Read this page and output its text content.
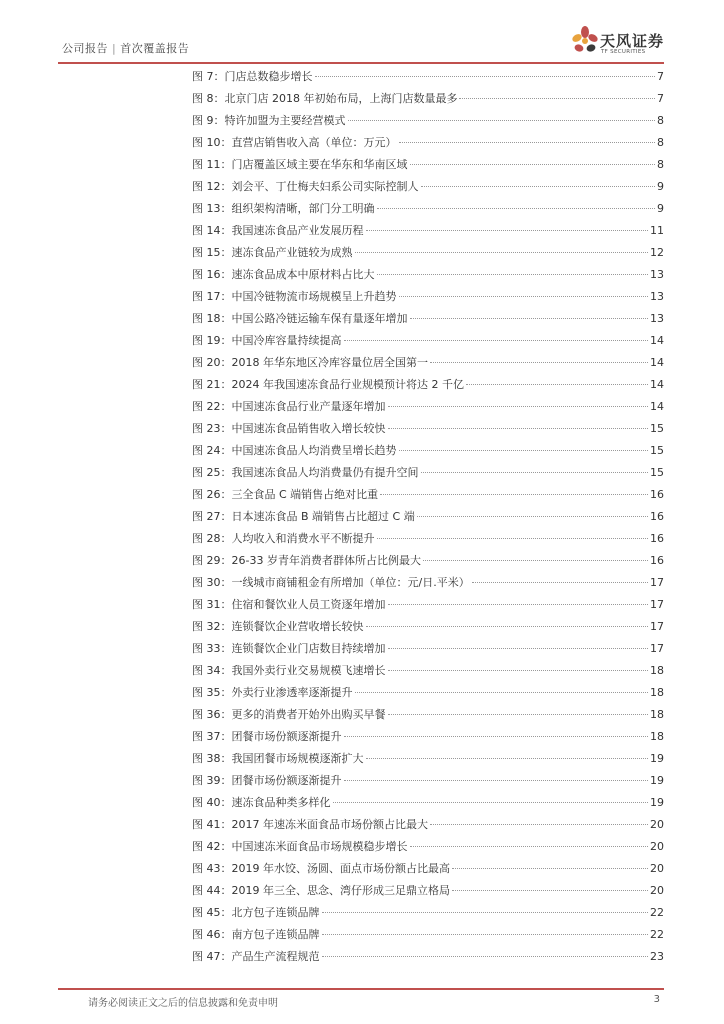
公司报告 | 首次覆盖报告	天风证券
TF SECURITIES
图 7：门店总数稳步增长	7
图 8：北京门店 2018 年初始布局，上海门店数量最多	7
图 9：特许加盟为主要经营模式	8
图 10：直营店销售收入高（单位：万元）	8
图 11：门店覆盖区域主要在华东和华南区域	8
图 12：刘会平、丁仕梅夫妇系公司实际控制人	9
图 13：组织架构清晰，部门分工明确	9
图 14：我国速冻食品产业发展历程	11
图 15：速冻食品产业链较为成熟	12
图 16：速冻食品成本中原材料占比大	13
图 17：中国冷链物流市场规模呈上升趋势	13
图 18：中国公路冷链运输车保有量逐年增加	13
图 19：中国冷库容量持续提高	14
图 20：2018 年华东地区冷库容量位居全国第一	14
图 21：2024 年我国速冻食品行业规模预计将达 2 千亿	14
图 22：中国速冻食品行业产量逐年增加	14
图 23：中国速冻食品销售收入增长较快	15
图 24：中国速冻食品人均消费呈增长趋势	15
图 25：我国速冻食品人均消费量仍有提升空间	15
图 26：三全食品 C 端销售占绝对比重	16
图 27：日本速冻食品 B 端销售占比超过 C 端	16
图 28：人均收入和消费水平不断提升	16
图 29：26-33 岁青年消费者群体所占比例最大	16
图 30：一线城市商铺租金有所增加（单位：元/日.平米）	17
图 31：住宿和餐饮业人员工资逐年增加	17
图 32：连锁餐饮企业营收增长较快	17
图 33：连锁餐饮企业门店数目持续增加	17
图 34：我国外卖行业交易规模飞速增长	18
图 35：外卖行业渗透率逐渐提升	18
图 36：更多的消费者开始外出购买早餐	18
图 37：团餐市场份额逐渐提升	18
图 38：我国团餐市场规模逐渐扩大	19
图 39：团餐市场份额逐渐提升	19
图 40：速冻食品种类多样化	19
图 41：2017 年速冻米面食品市场份额占比最大	20
图 42：中国速冻米面食品市场规模稳步增长	20
图 43：2019 年水饺、汤圆、面点市场份额占比最高	20
图 44：2019 年三全、思念、湾仔形成三足鼎立格局	20
图 45：北方包子连锁品牌	22
图 46：南方包子连锁品牌	22
图 47：产品生产流程规范	23
请务必阅读正文之后的信息披露和免责申明	3
